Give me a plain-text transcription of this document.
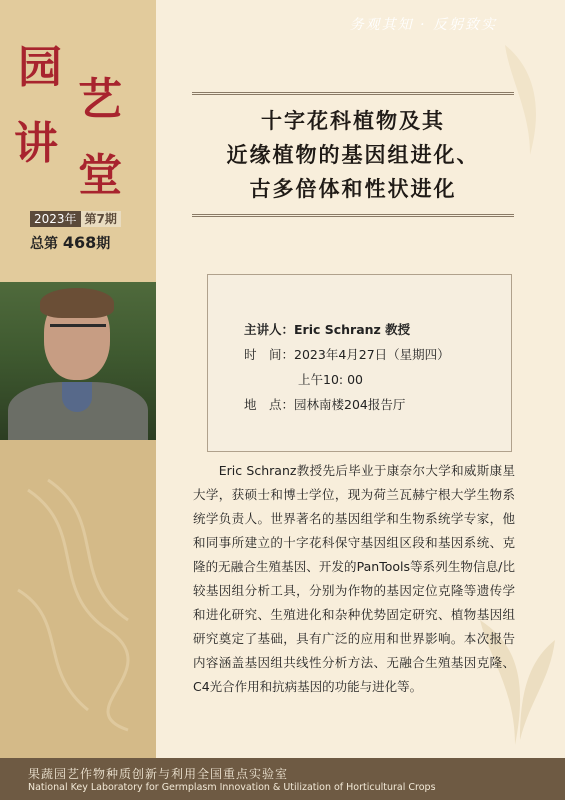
务观其知 · 反躬致实
园
艺
讲
堂
2023年 第7期
总第 468期
十字花科植物及其
近缘植物的基因组进化、
古多倍体和性状进化
主讲人：Eric Schranz 教授
时　间：2023年4月27日（星期四）
上午10: 00
地　点：园林南楼204报告厅
　　Eric Schranz教授先后毕业于康奈尔大学和威斯康星大学，获硕士和博士学位，现为荷兰瓦赫宁根大学生物系统学负责人。世界著名的基因组学和生物系统学专家，他和同事所建立的十字花科保守基因组区段和基因系统、克隆的无融合生殖基因、开发的PanTools等系列生物信息/比较基因组分析工具，分别为作物的基因定位克隆等遗传学和进化研究、生殖进化和杂种优势固定研究、植物基因组研究奠定了基础，具有广泛的应用和世界影响。本次报告内容涵盖基因组共线性分析方法、无融合生殖基因克隆、C4光合作用和抗病基因的功能与进化等。
果蔬园艺作物种质创新与利用全国重点实验室
National Key Laboratory for Germplasm Innovation & Utilization of Horticultural Crops
